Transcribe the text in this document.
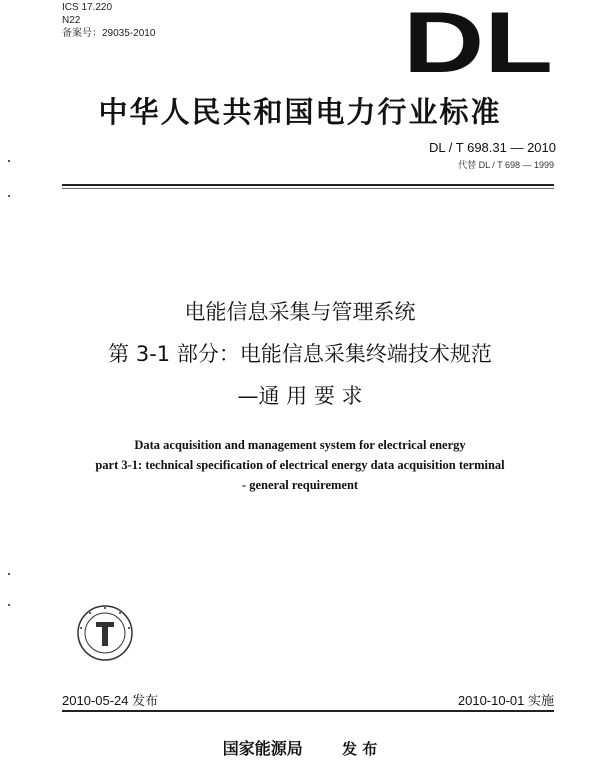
ICS 17.220
N22
备案号：29035-2010	DL
中华人民共和国电力行业标准
DL / T 698.31 — 2010
代替 DL / T 698 — 1999
电能信息采集与管理系统
第 3-1 部分：电能信息采集终端技术规范
—通 用 要 求
Data acquisition and management system for electrical energy
part 3-1: technical specification of electrical energy data acquisition terminal
- general requirement
2010-05-24 发布	2010-10-01 实施
国家能源局	发 布
